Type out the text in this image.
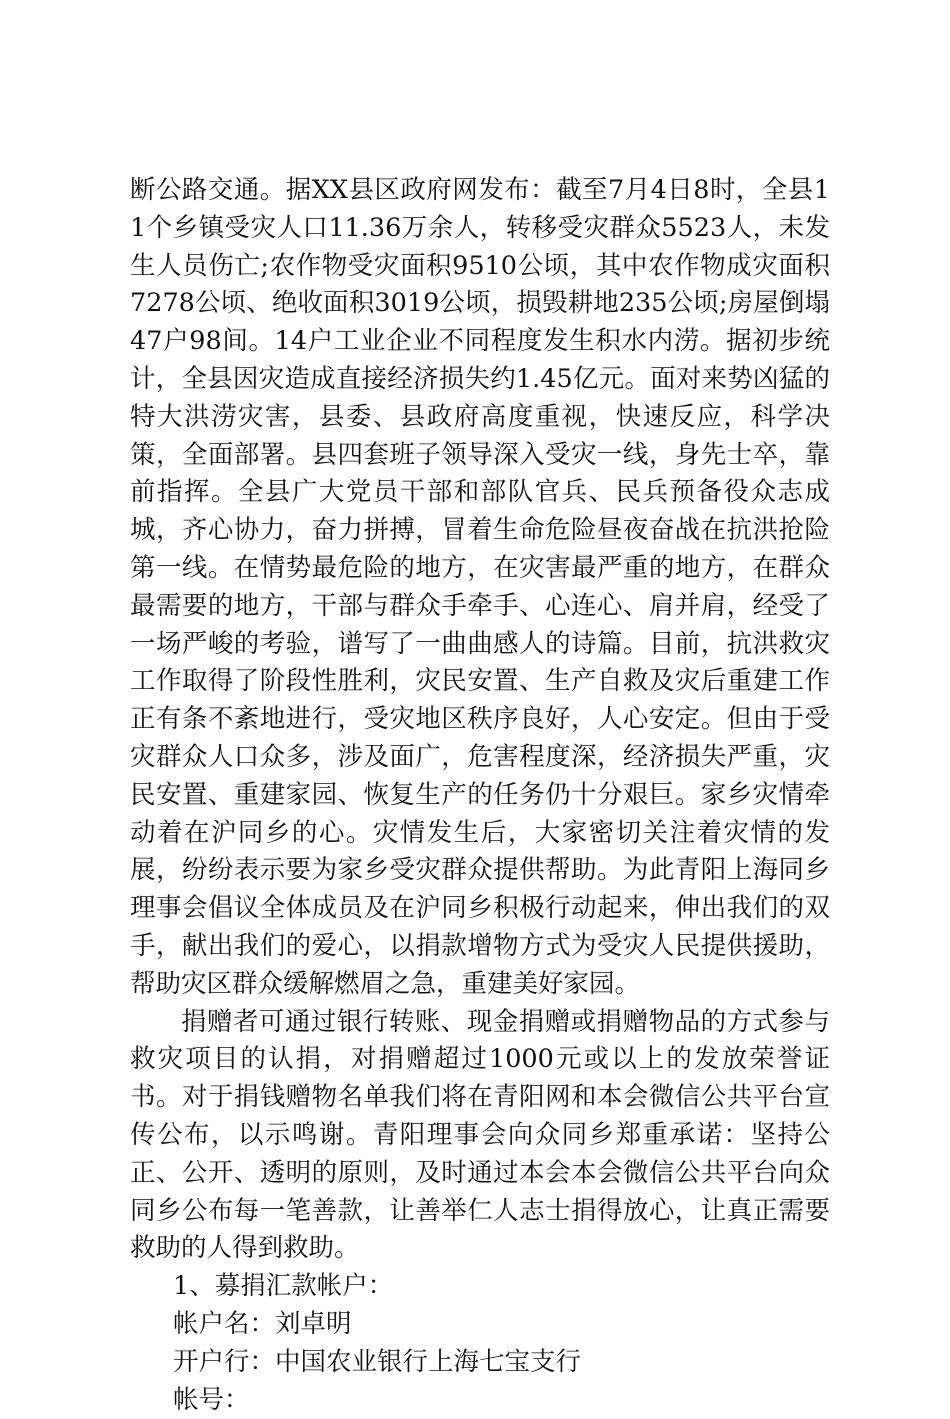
断公路交通。据XX县区政府网发布：截至7月4日8时，全县11个乡镇受灾人口11.36万余人，转移受灾群众5523人，未发生人员伤亡;农作物受灾面积9510公顷，其中农作物成灾面积7278公顷、绝收面积3019公顷，损毁耕地235公顷;房屋倒塌47户98间。14户工业企业不同程度发生积水内涝。据初步统计，全县因灾造成直接经济损失约1.45亿元。面对来势凶猛的特大洪涝灾害，县委、县政府高度重视，快速反应，科学决策，全面部署。县四套班子领导深入受灾一线，身先士卒，靠前指挥。全县广大党员干部和部队官兵、民兵预备役众志成城，齐心协力，奋力拼搏，冒着生命危险昼夜奋战在抗洪抢险第一线。在情势最危险的地方，在灾害最严重的地方，在群众最需要的地方，干部与群众手牵手、心连心、肩并肩，经受了一场严峻的考验，谱写了一曲曲感人的诗篇。目前，抗洪救灾工作取得了阶段性胜利，灾民安置、生产自救及灾后重建工作正有条不紊地进行，受灾地区秩序良好，人心安定。但由于受灾群众人口众多，涉及面广，危害程度深，经济损失严重，灾民安置、重建家园、恢复生产的任务仍十分艰巨。家乡灾情牵动着在沪同乡的心。灾情发生后，大家密切关注着灾情的发展，纷纷表示要为家乡受灾群众提供帮助。为此青阳上海同乡理事会倡议全体成员及在沪同乡积极行动起来，伸出我们的双手，献出我们的爱心，以捐款增物方式为受灾人民提供援助，帮助灾区群众缓解燃眉之急，重建美好家园。

捐赠者可通过银行转账、现金捐赠或捐赠物品的方式参与救灾项目的认捐，对捐赠超过1000元或以上的发放荣誉证书。对于捐钱赠物名单我们将在青阳网和本会微信公共平台宣传公布，以示鸣谢。青阳理事会向众同乡郑重承诺：坚持公正、公开、透明的原则，及时通过本会本会微信公共平台向众同乡公布每一笔善款，让善举仁人志士捐得放心，让真正需要救助的人得到救助。

1、募捐汇款帐户：

帐户名：刘卓明

开户行：中国农业银行上海七宝支行

帐号：
